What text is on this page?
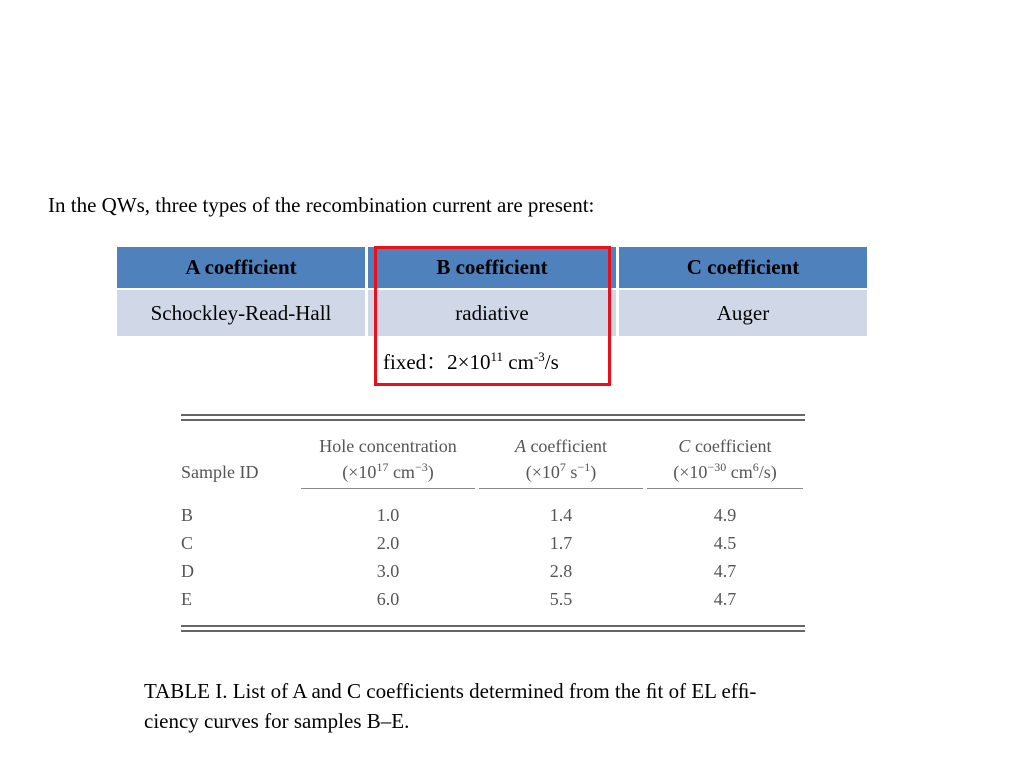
In the QWs, three types of the recombination current are present:
A coefficient	B coefficient	C coefficient
Schockley-Read-Hall	radiative	Auger
fixed：$2\times 10^{11}$ $cm^{-3}/s$
	Hole concentration	A coefficient	C coefficient
Sample ID	($\times 10^{17}$ $cm^{-3}$)	($\times 10^7$ $s^{-1}$)	($\times 10^{-30}$ $cm^6/s$)

B	1.0	1.4	4.9
C	2.0	1.7	4.5
D	3.0	2.8	4.7
E	6.0	5.5	4.7
TABLE I. List of A and C coefficients determined from the ﬁt of EL efﬁ-
ciency curves for samples B–E.
